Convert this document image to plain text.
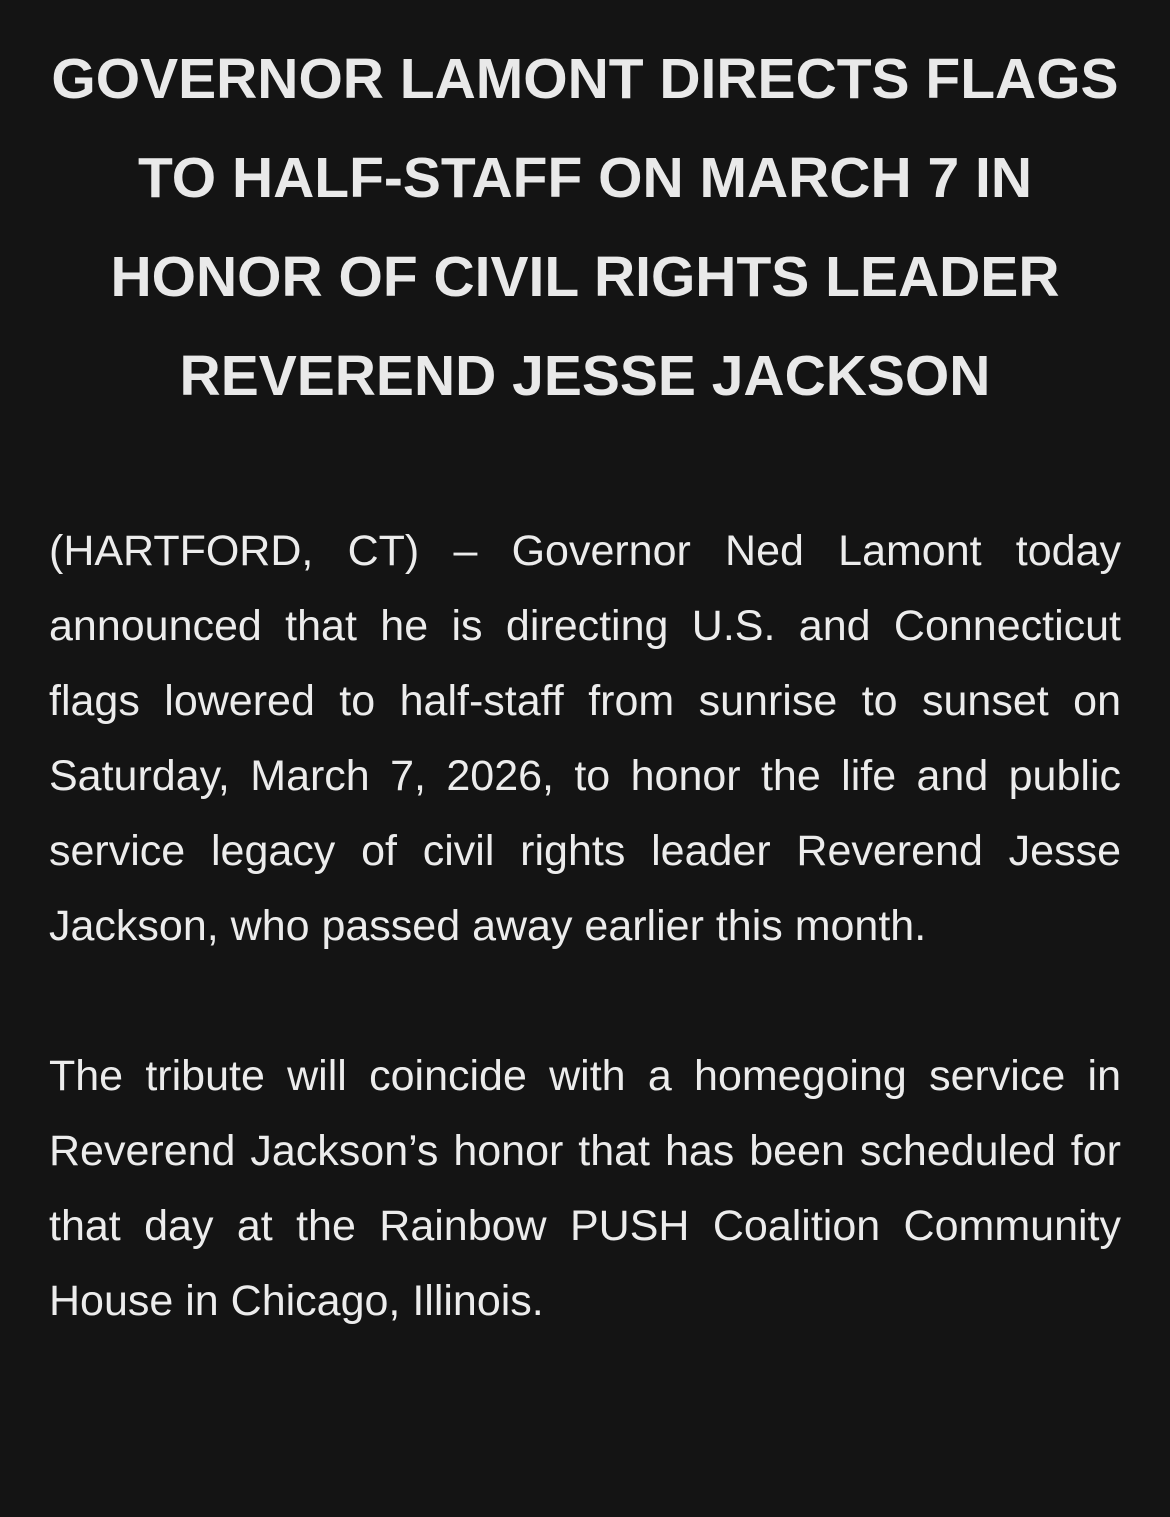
GOVERNOR LAMONT DIRECTS FLAGS TO HALF-STAFF ON MARCH 7 IN HONOR OF CIVIL RIGHTS LEADER REVEREND JESSE JACKSON

(HARTFORD, CT) – Governor Ned Lamont today announced that he is directing U.S. and Connecticut flags lowered to half-staff from sunrise to sunset on Saturday, March 7, 2026, to honor the life and public service legacy of civil rights leader Reverend Jesse Jackson, who passed away earlier this month.

The tribute will coincide with a homegoing service in Reverend Jackson’s honor that has been scheduled for that day at the Rainbow PUSH Coalition Community House in Chicago, Illinois.
